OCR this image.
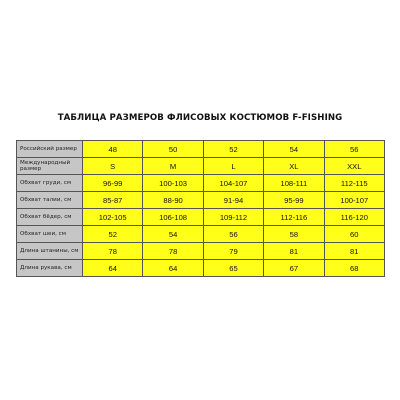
ТАБЛИЦА РАЗМЕРОВ ФЛИСОВЫХ КОСТЮМОВ F-FISHING
Российский размер	48	50	52	54	56
Международный размер	S	M	L	XL	XXL
Обхват груди, см	96-99	100-103	104-107	108-111	112-115
Обхват талии, см	85-87	88-90	91-94	95-99	100-107
Обхват бёдер, см	102-105	106-108	109-112	112-116	116-120
Обхват шеи, см	52	54	56	58	60
Длина штанины, см	78	78	79	81	81
Длина рукава, см	64	64	65	67	68
